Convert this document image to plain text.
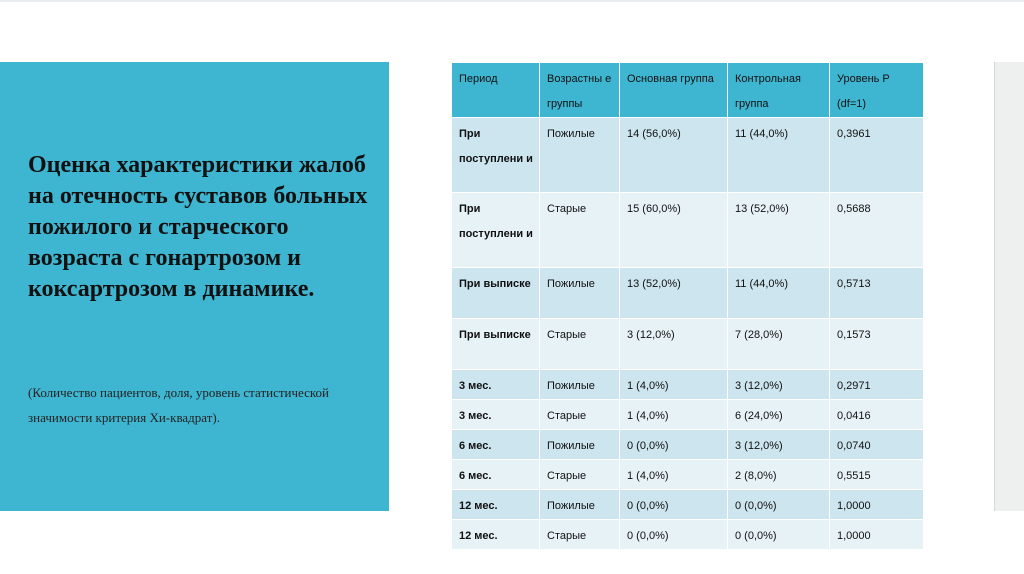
Оценка характеристики жалоб на отечность суставов больных пожилого и старческого возраста с гонартрозом и коксартрозом в динамике.

(Количество пациентов, доля, уровень статистической значимости критерия Хи-квадрат).

Период	Возрастны е группы	Основная группа	Контрольная группа	Уровень P (df=1)
При поступлени и	Пожилые	14 (56,0%)	11 (44,0%)	0,3961
При поступлени и	Старые	15 (60,0%)	13 (52,0%)	0,5688
При выписке	Пожилые	13 (52,0%)	11 (44,0%)	0,5713
При выписке	Старые	3 (12,0%)	7 (28,0%)	0,1573
3 мес.	Пожилые	1 (4,0%)	3 (12,0%)	0,2971
3 мес.	Старые	1 (4,0%)	6 (24,0%)	0,0416
6 мес.	Пожилые	0 (0,0%)	3 (12,0%)	0,0740
6 мес.	Старые	1 (4,0%)	2 (8,0%)	0,5515
12 мес.	Пожилые	0 (0,0%)	0 (0,0%)	1,0000
12 мес.	Старые	0 (0,0%)	0 (0,0%)	1,0000
